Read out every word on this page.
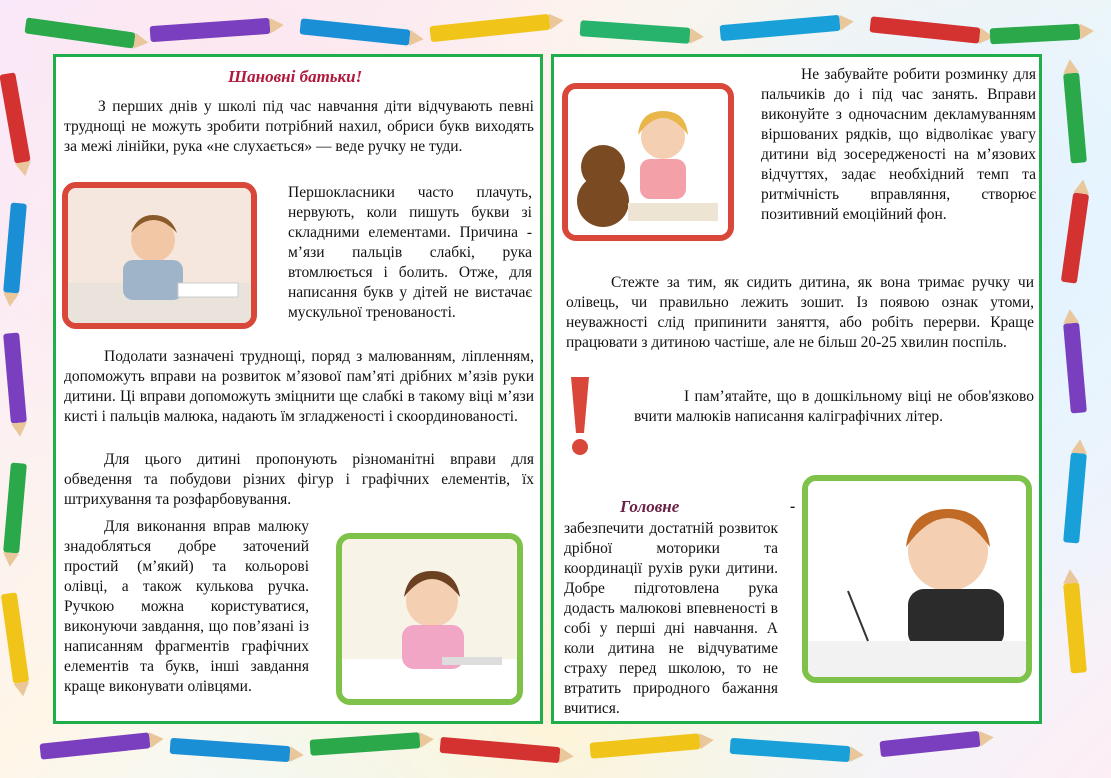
Шановні батьки!

З перших днів у школі під час навчання діти відчувають певні труднощі не можуть зробити потрібний нахил, обриси букв виходять за межі лінійки, рука «не слухається» — веде ручку не туди.

Першокласники часто плачуть, нервують, коли пишуть букви зі складними елементами. Причина - м’язи пальців слабкі, рука втомлюється і болить. Отже, для написання букв у дітей не вистачає мускульної тренованості.

Подолати зазначені труднощі, поряд з малюванням, ліпленням, допоможуть вправи на розвиток м’язової пам’яті дрібних м’язів руки дитини. Ці вправи допоможуть зміцнити ще слабкі в такому віці м’язи кисті і пальців малюка, надають їм згладженості і скоординованості.

Для цього дитині пропонують різноманітні вправи для обведення та побудови різних фігур і графічних елементів, їх штрихування та розфарбовування.

Для виконання вправ малюку знадобляться добре заточений простий (м’який) та кольорові олівці, а також кулькова ручка. Ручкою можна користуватися, виконуючи завдання, що пов’язані із написанням фрагментів графічних елементів та букв, інші завдання краще виконувати олівцями.

Не забувайте робити розминку для пальчиків до і під час занять. Вправи виконуйте з одночасним декламуванням віршованих рядків, що відволікає увагу дитини від зосередженості на м’язових відчуттях, задає необхідний темп та ритмічність вправляння, створює позитивний емоційний фон.

Стежте за тим, як сидить дитина, як вона тримає ручку чи олівець, чи правильно лежить зошит. Із появою ознак утоми, неуважності слід припинити заняття, або робіть перерви. Краще працювати з дитиною частіше, але не більш 20-25 хвилин поспіль.

І пам’ятайте, що в дошкільному віці не обов'язково вчити малюків написання каліграфічних літер.

Головне	-

забезпечити достатній розвиток дрібної моторики та координації рухів руки дитини. Добре підготовлена рука додасть малюкові впевненості в собі у перші дні навчання. А коли дитина не відчуватиме страху перед школою, то не втратить природного бажання вчитися.
